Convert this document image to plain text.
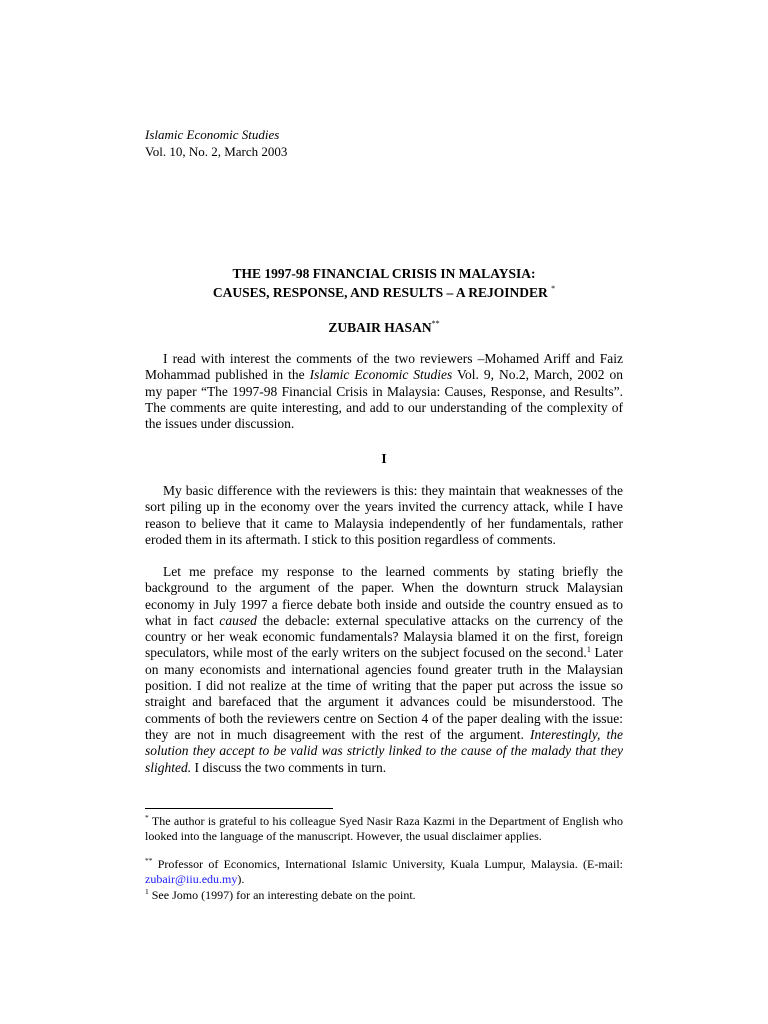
Islamic Economic Studies
Vol. 10, No. 2, March 2003
THE 1997-98 FINANCIAL CRISIS IN MALAYSIA:
CAUSES, RESPONSE, AND RESULTS – A REJOINDER *
ZUBAIR HASAN**

I read with interest the comments of the two reviewers –Mohamed Ariff and Faiz Mohammad published in the Islamic Economic Studies Vol. 9, No.2, March, 2002 on my paper “The 1997-98 Financial Crisis in Malaysia: Causes, Response, and Results”. The comments are quite interesting, and add to our understanding of the complexity of the issues under discussion.

I

My basic difference with the reviewers is this: they maintain that weaknesses of the sort piling up in the economy over the years invited the currency attack, while I have reason to believe that it came to Malaysia independently of her fundamentals, rather eroded them in its aftermath. I stick to this position regardless of comments.

Let me preface my response to the learned comments by stating briefly the background to the argument of the paper. When the downturn struck Malaysian economy in July 1997 a fierce debate both inside and outside the country ensued as to what in fact caused the debacle: external speculative attacks on the currency of the country or her weak economic fundamentals? Malaysia blamed it on the first, foreign speculators, while most of the early writers on the subject focused on the second.$^1$ Later on many economists and international agencies found greater truth in the Malaysian position. I did not realize at the time of writing that the paper put across the issue so straight and barefaced that the argument it advances could be misunderstood. The comments of both the reviewers centre on Section 4 of the paper dealing with the issue: they are not in much disagreement with the rest of the argument. Interestingly, the solution they accept to be valid was strictly linked to the cause of the malady that they slighted. I discuss the two comments in turn.

* The author is grateful to his colleague Syed Nasir Raza Kazmi in the Department of English who looked into the language of the manuscript. However, the usual disclaimer applies.

** Professor of Economics, International Islamic University, Kuala Lumpur, Malaysia. (E-mail: zubair@iiu.edu.my).

$^1$ See Jomo (1997) for an interesting debate on the point.
